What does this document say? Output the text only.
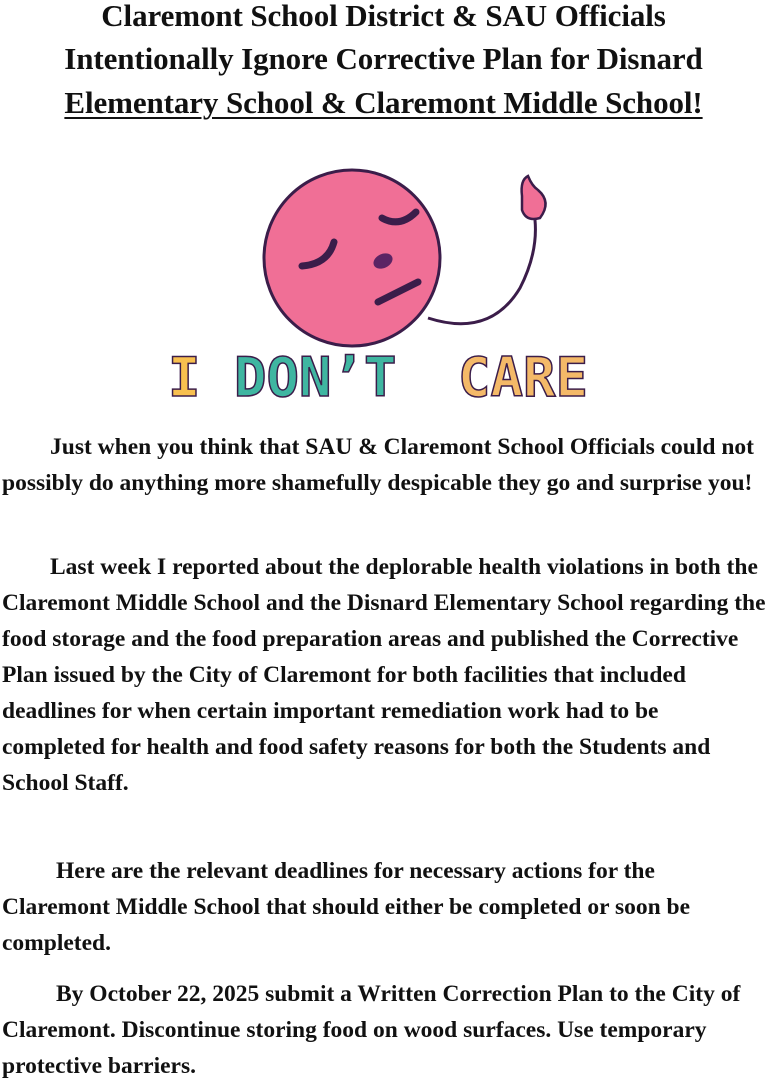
Claremont School District & SAU Officials
Intentionally Ignore Corrective Plan for Disnard
Elementary School & Claremont Middle School!
I DON’T CARE

Just when you think that SAU & Claremont School Officials could not possibly do anything more shamefully despicable they go and surprise you!

Last week I reported about the deplorable health violations in both the Claremont Middle School and the Disnard Elementary School regarding the food storage and the food preparation areas and published the Corrective Plan issued by the City of Claremont for both facilities that included deadlines for when certain important remediation work had to be completed for health and food safety reasons for both the Students and School Staff.

Here are the relevant deadlines for necessary actions for the Claremont Middle School that should either be completed or soon be completed.

By October 22, 2025 submit a Written Correction Plan to the City of Claremont. Discontinue storing food on wood surfaces. Use temporary protective barriers.
